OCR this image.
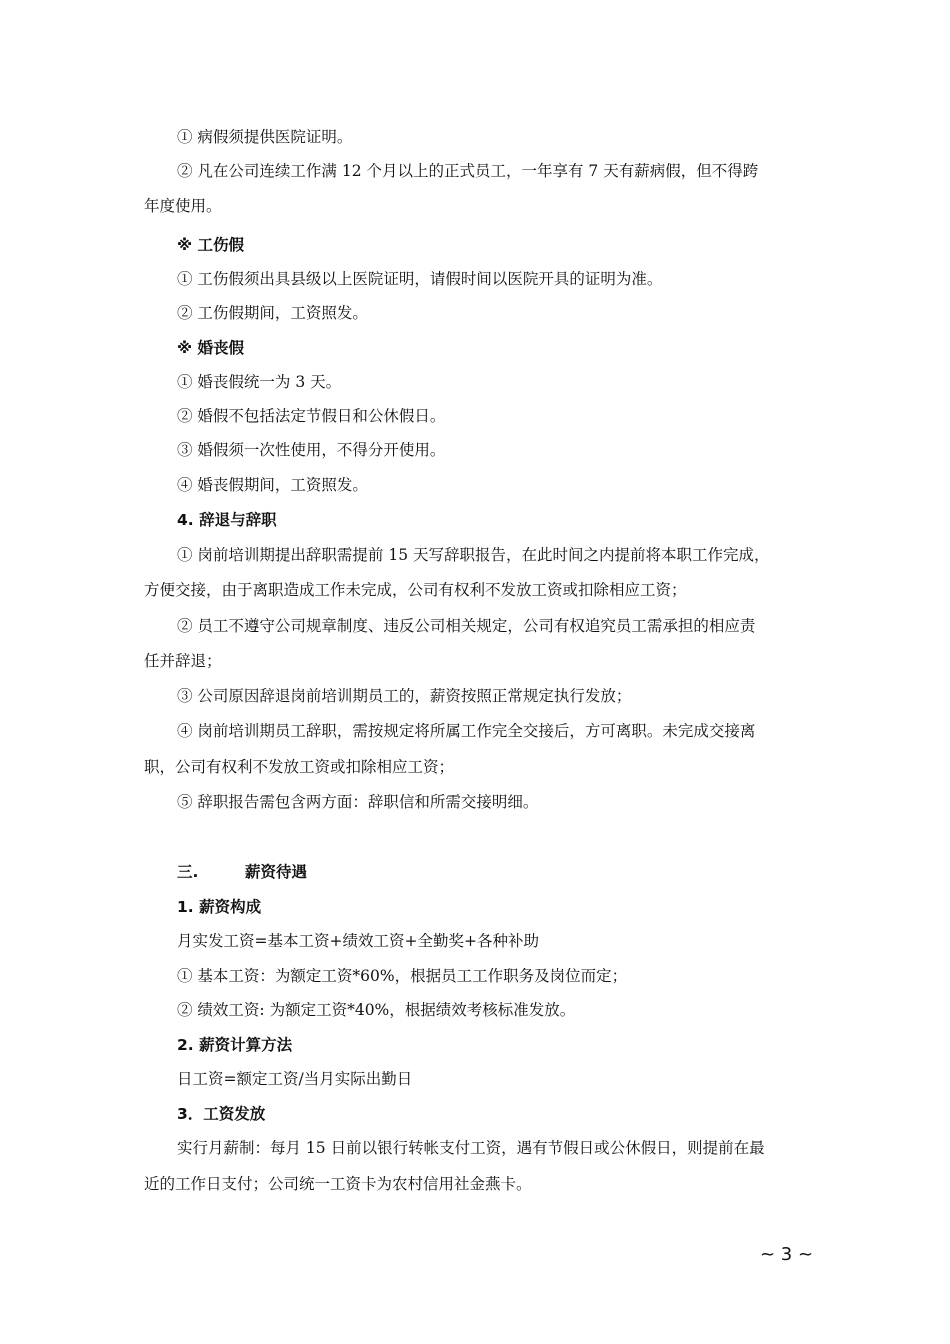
① 病假须提供医院证明。

② 凡在公司连续工作满 12 个月以上的正式员工，一年享有 7 天有薪病假，但不得跨

年度使用。

※ 工伤假

① 工伤假须出具县级以上医院证明，请假时间以医院开具的证明为准。

② 工伤假期间，工资照发。

※ 婚丧假

① 婚丧假统一为 3 天。

② 婚假不包括法定节假日和公休假日。

③ 婚假须一次性使用，不得分开使用。

④ 婚丧假期间，工资照发。

4. 辞退与辞职

① 岗前培训期提出辞职需提前 15 天写辞职报告，在此时间之内提前将本职工作完成，

方便交接，由于离职造成工作未完成，公司有权利不发放工资或扣除相应工资；

② 员工不遵守公司规章制度、违反公司相关规定，公司有权追究员工需承担的相应责

任并辞退；

③ 公司原因辞退岗前培训期员工的，薪资按照正常规定执行发放；

④ 岗前培训期员工辞职，需按规定将所属工作完全交接后，方可离职。未完成交接离

职，公司有权利不发放工资或扣除相应工资；

⑤ 辞职报告需包含两方面：辞职信和所需交接明细。

三.	薪资待遇

1. 薪资构成

月实发工资=基本工资+绩效工资+全勤奖+各种补助

① 基本工资：为额定工资*60%，根据员工工作职务及岗位而定；

② 绩效工资: 为额定工资*40%，根据绩效考核标准发放。

2. 薪资计算方法

日工资=额定工资/当月实际出勤日

3．工资发放

实行月薪制：每月 15 日前以银行转帐支付工资，遇有节假日或公休假日，则提前在最

近的工作日支付；公司统一工资卡为农村信用社金燕卡。

~ 3 ~
